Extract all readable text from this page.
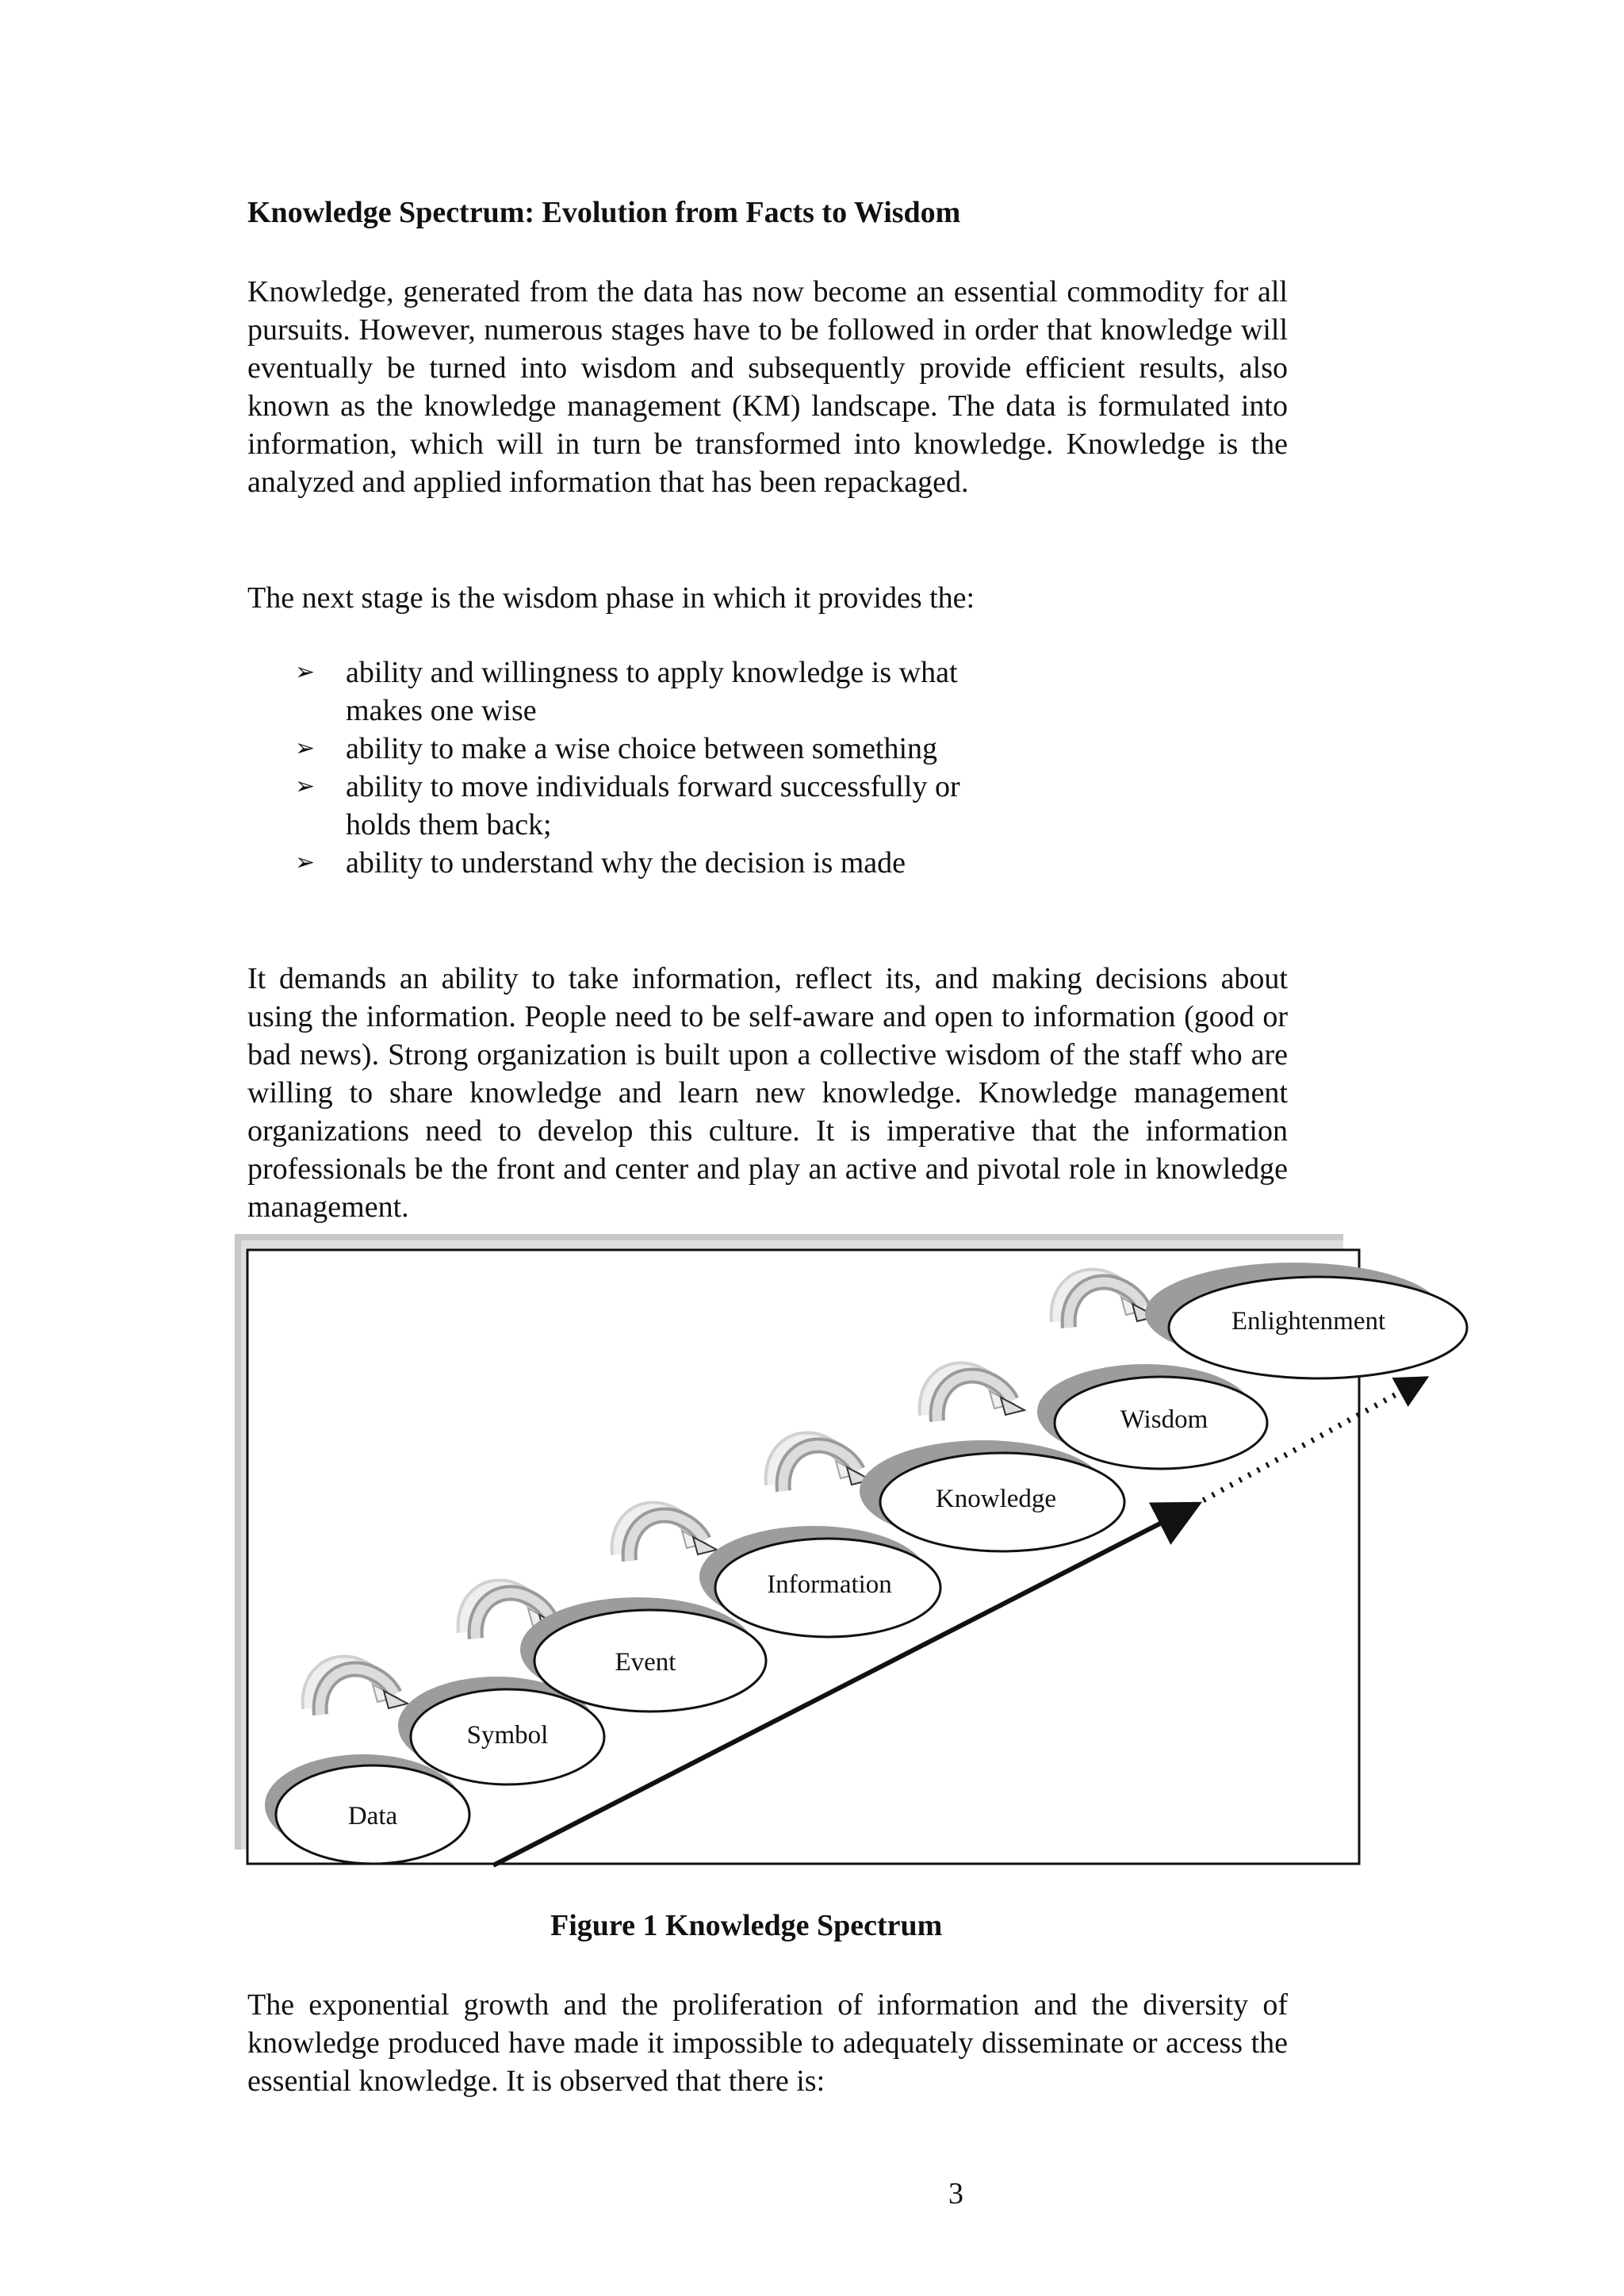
Knowledge Spectrum: Evolution from Facts to Wisdom

Knowledge, generated from the data has now become an essential commodity for all pursuits. However, numerous stages have to be followed in order that knowledge will eventually be turned into wisdom and subsequently provide efficient results, also known as the knowledge management (KM) landscape. The data is formulated into information, which will in turn be transformed into knowledge. Knowledge is the analyzed and applied information that has been repackaged.

The next stage is the wisdom phase in which it provides the:

➢ ability and willingness to apply knowledge is what makes one wise
➢ ability to make a wise choice between something
➢ ability to move individuals forward successfully or holds them back;
➢ ability to understand why the decision is made

It demands an ability to take information, reflect its, and making decisions about using the information. People need to be self-aware and open to information (good or bad news). Strong organization is built upon a collective wisdom of the staff who are willing to share knowledge and learn new knowledge. Knowledge management organizations need to develop this culture. It is imperative that the information professionals be the front and center and play an active and pivotal role in knowledge management.

Data
Symbol
Event
Information
Knowledge
Wisdom
Enlightenment

Figure 1 Knowledge Spectrum

The exponential growth and the proliferation of information and the diversity of knowledge produced have made it impossible to adequately disseminate or access the essential knowledge. It is observed that there is:

3
